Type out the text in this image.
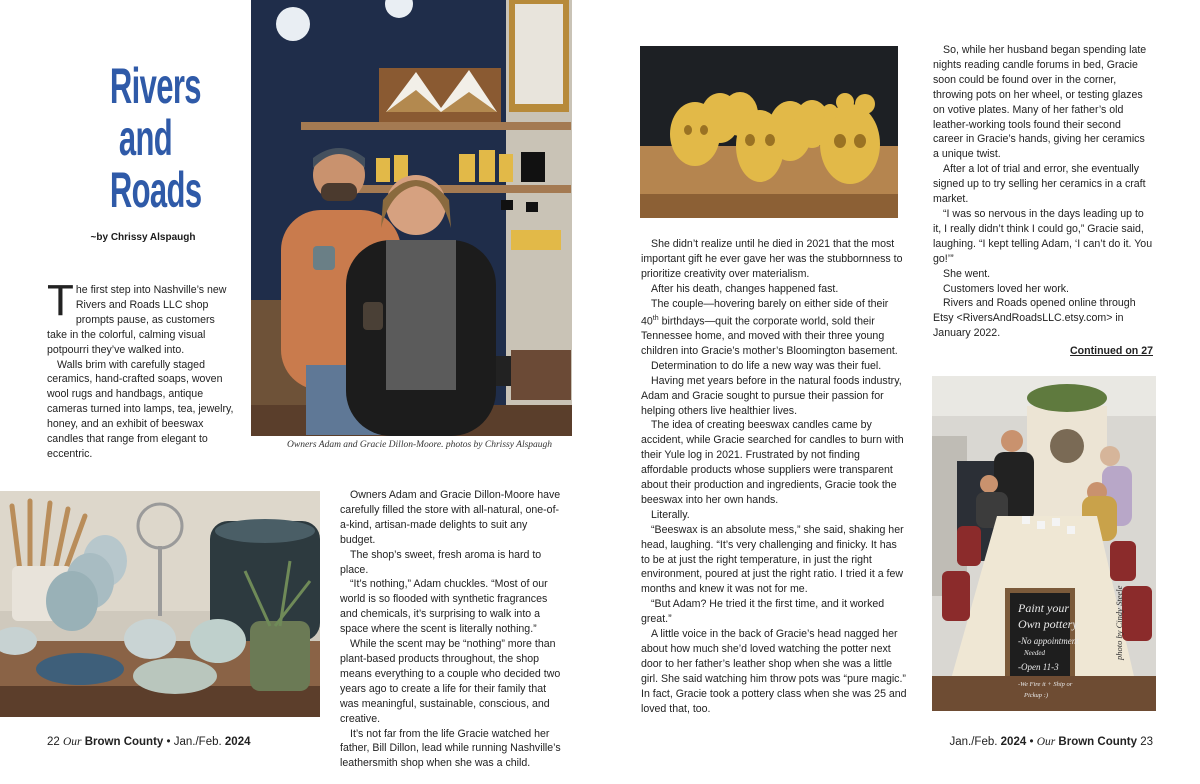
Rivers
and
Roads
~by Chrissy Alspaugh

The first step into Nashville’s new Rivers and Roads LLC shop prompts pause, as customers take in the colorful, calming visual potpourri they’ve walked into.

Walls brim with carefully staged ceramics, hand-crafted soaps, woven wool rugs and handbags, antique cameras turned into lamps, tea, jewelry, honey, and an exhibit of beeswax candles that range from elegant to eccentric.

Owners Adam and Gracie Dillon-Moore. photos by Chrissy Alspaugh

Owners Adam and Gracie Dillon-Moore have carefully filled the store with all-natural, one-of-a-kind, artisan-made delights to suit any budget.

The shop’s sweet, fresh aroma is hard to place.

“It’s nothing,” Adam chuckles. “Most of our world is so flooded with synthetic fragrances and chemicals, it’s surprising to walk into a space where the scent is literally nothing.”

While the scent may be “nothing” more than plant-based products throughout, the shop means everything to a couple who decided two years ago to create a life for their family that was meaningful, sustainable, conscious, and creative.

It’s not far from the life Gracie watched her father, Bill Dillon, lead while running Nashville’s leathersmith shop when she was a child.

She didn’t realize until he died in 2021 that the most important gift he ever gave her was the stubbornness to prioritize creativity over materialism.

After his death, changes happened fast.

The couple—hovering barely on either side of their 40th birthdays—quit the corporate world, sold their Tennessee home, and moved with their three young children into Gracie’s mother’s Bloomington basement.

Determination to do life a new way was their fuel.

Having met years before in the natural foods industry, Adam and Gracie sought to pursue their passion for helping others live healthier lives.

The idea of creating beeswax candles came by accident, while Gracie searched for candles to burn with their Yule log in 2021. Frustrated by not finding affordable products whose suppliers were transparent about their production and ingredients, Gracie took the beeswax into her own hands.

Literally.

“Beeswax is an absolute mess,” she said, shaking her head, laughing. “It’s very challenging and finicky. It has to be at just the right temperature, in just the right environment, poured at just the right ratio. I tried it a few months and knew it was not for me.

“But Adam? He tried it the first time, and it worked great.”

A little voice in the back of Gracie’s head nagged her about how much she’d loved watching the potter next door to her father’s leather shop when she was a little girl. She said watching him throw pots was “pure magic.” In fact, Gracie took a pottery class when she was 25 and loved that, too.

So, while her husband began spending late nights reading candle forums in bed, Gracie soon could be found over in the corner, throwing pots on her wheel, or testing glazes on votive plates. Many of her father’s old leather-working tools found their second career in Gracie’s hands, giving her ceramics a unique twist.

After a lot of trial and error, she eventually signed up to try selling her ceramics in a craft market.

“I was so nervous in the days leading up to it, I really didn’t think I could go,” Gracie said, laughing. “I kept telling Adam, ‘I can’t do it. You go!’”

She went.

Customers loved her work.

Rivers and Roads opened online through Etsy <RiversAndRoadsLLC.etsy.com> in January 2022.

Continued on 27

Paint your
Own pottery
-No appointment
Needed
-Open 11-3
-We Fire it + Ship or
Pickup :)
photo by Cindy Steele
22 Our Brown County • Jan./Feb. 2024	Jan./Feb. 2024 • Our Brown County 23
